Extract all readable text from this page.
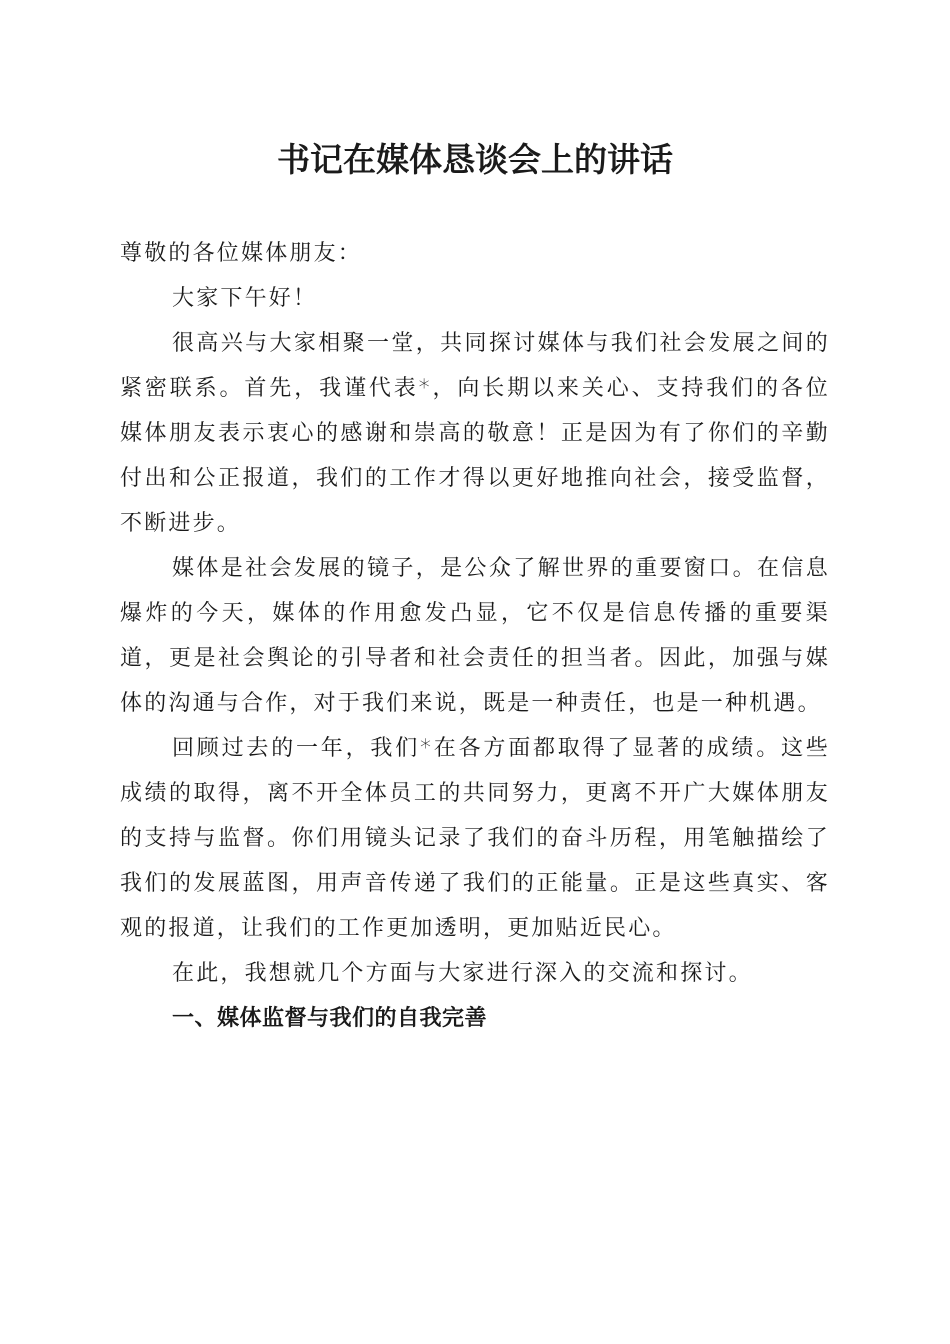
书记在媒体恳谈会上的讲话

尊敬的各位媒体朋友：

大家下午好！

很高兴与大家相聚一堂，共同探讨媒体与我们社会发展之间的紧密联系。首先，我谨代表*，向长期以来关心、支持我们的各位媒体朋友表示衷心的感谢和崇高的敬意！正是因为有了你们的辛勤付出和公正报道，我们的工作才得以更好地推向社会，接受监督，不断进步。

媒体是社会发展的镜子，是公众了解世界的重要窗口。在信息爆炸的今天，媒体的作用愈发凸显，它不仅是信息传播的重要渠道，更是社会舆论的引导者和社会责任的担当者。因此，加强与媒体的沟通与合作，对于我们来说，既是一种责任，也是一种机遇。

回顾过去的一年，我们*在各方面都取得了显著的成绩。这些成绩的取得，离不开全体员工的共同努力，更离不开广大媒体朋友的支持与监督。你们用镜头记录了我们的奋斗历程，用笔触描绘了我们的发展蓝图，用声音传递了我们的正能量。正是这些真实、客观的报道，让我们的工作更加透明，更加贴近民心。

在此，我想就几个方面与大家进行深入的交流和探讨。

一、媒体监督与我们的自我完善
